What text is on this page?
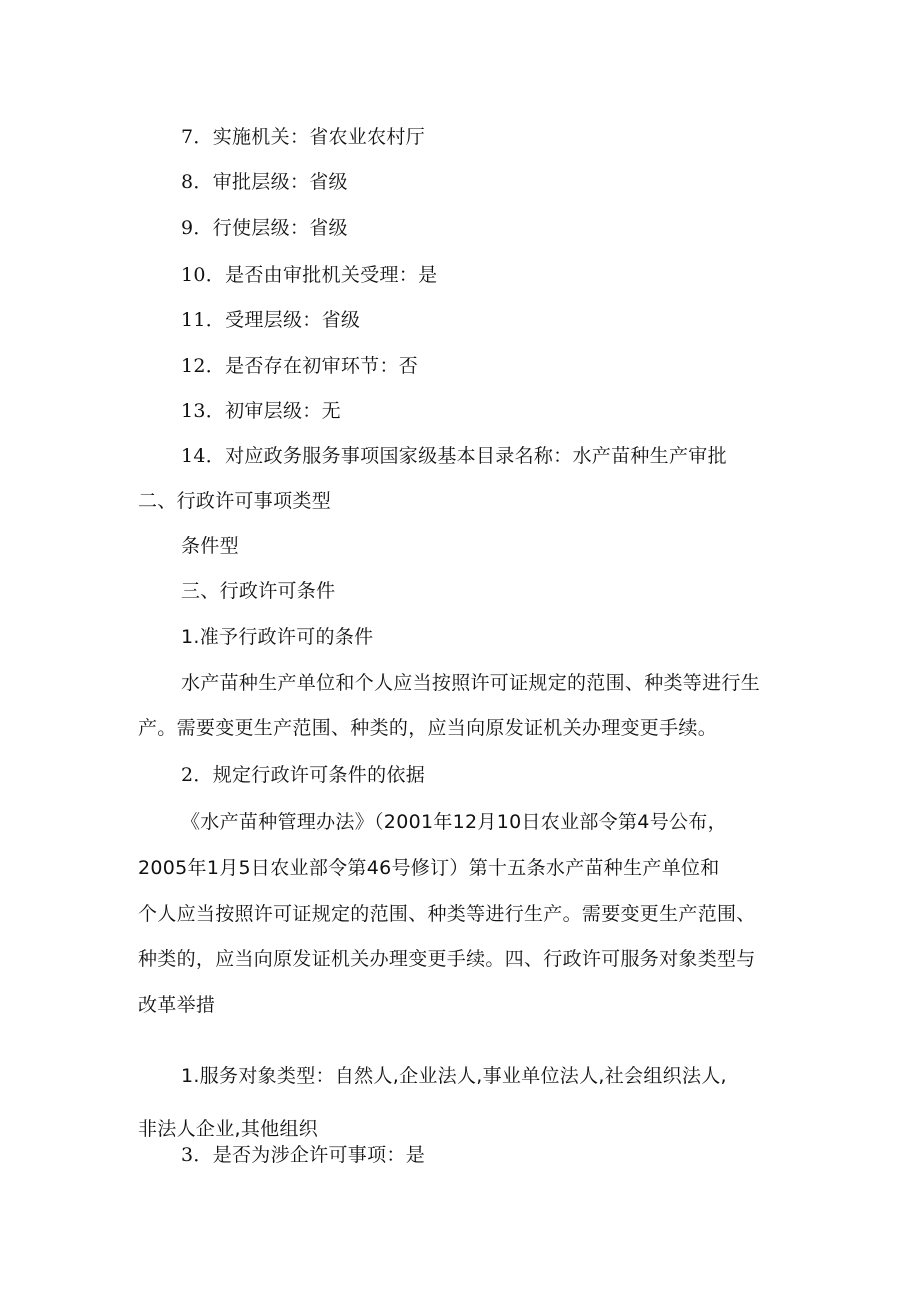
7．实施机关：省农业农村厅
8．审批层级：省级
9．行使层级：省级
10．是否由审批机关受理：是
11．受理层级：省级
12．是否存在初审环节：否
13．初审层级：无
14．对应政务服务事项国家级基本目录名称：水产苗种生产审批
二、行政许可事项类型
条件型
三、行政许可条件
1.准予行政许可的条件
水产苗种生产单位和个人应当按照许可证规定的范围、种类等进行生
产。需要变更生产范围、种类的，应当向原发证机关办理变更手续。
2．规定行政许可条件的依据
《水产苗种管理办法》（2001年12月10日农业部令第4号公布，
2005年1月5日农业部令第46号修订）第十五条水产苗种生产单位和
个人应当按照许可证规定的范围、种类等进行生产。需要变更生产范围、
种类的，应当向原发证机关办理变更手续。四、行政许可服务对象类型与
改革举措
1.服务对象类型：自然人,企业法人,事业单位法人,社会组织法人,
非法人企业,其他组织
3．是否为涉企许可事项：是
